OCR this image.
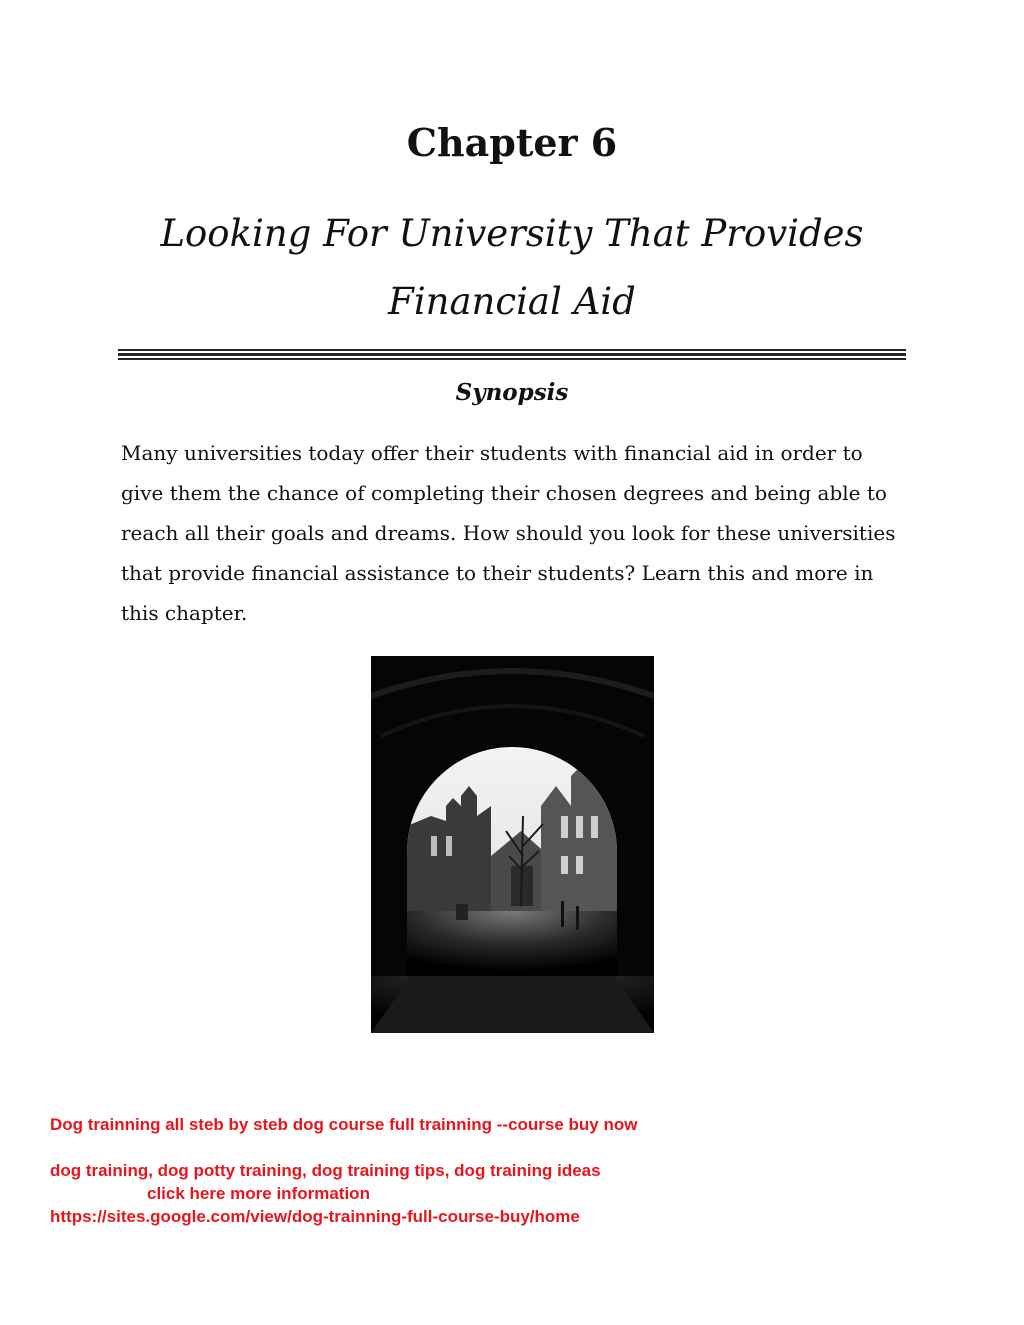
Chapter 6
Looking For University That Provides
Financial Aid
Synopsis

Many universities today offer their students with financial aid in order to
give them the chance of completing their chosen degrees and being able to
reach all their goals and dreams. How should you look for these universities
that provide financial assistance to their students? Learn this and more in
this chapter.

Dog trainning all steb by steb dog course full trainning --course buy now
dog training, dog potty training, dog training tips, dog training ideas
click here more information
https://sites.google.com/view/dog-trainning-full-course-buy/home
